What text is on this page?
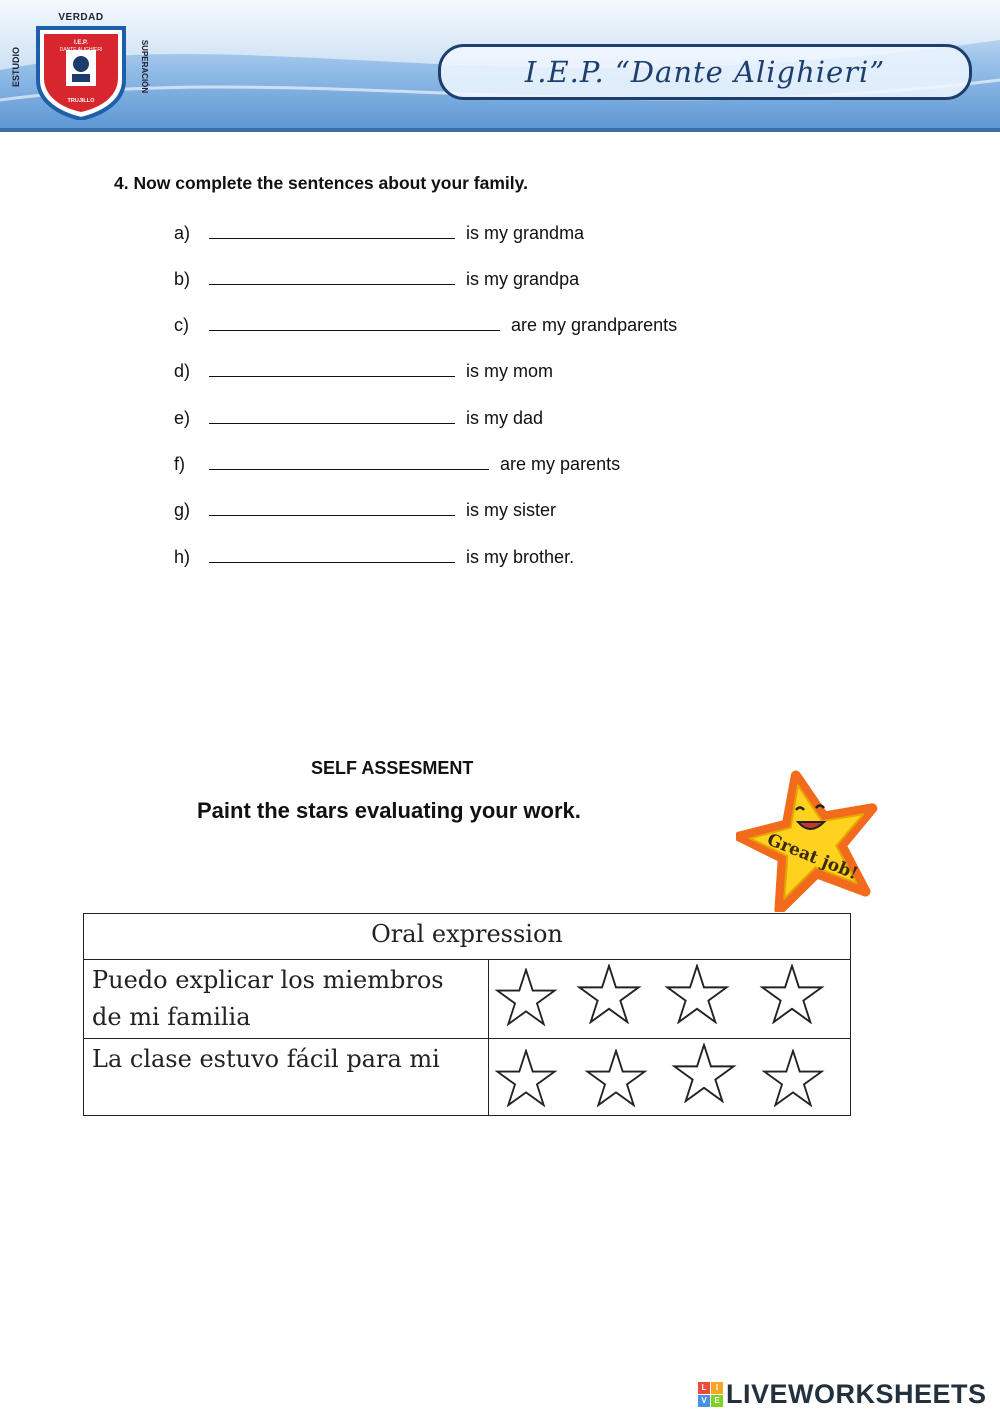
VERDAD
ESTUDIO	SUPERACIÓN
I.E.P.
DANTE ALIGHIERI
TRUJILLO
I.E.P. “Dante Alighieri”
4. Now complete the sentences about your family.
a)	is my grandma
b)	is my grandpa
c)	are my grandparents
d)	is my mom
e)	is my dad
f)	are my parents
g)	is my sister
h)	is my brother.
SELF ASSESMENT
Paint the stars evaluating your work.
Great job!
Oral expression	
Puedo explicar los miembros de mi familia	

La clase estuvo fácil para mi	
L	I
V E LIVEWORKSHEETS
